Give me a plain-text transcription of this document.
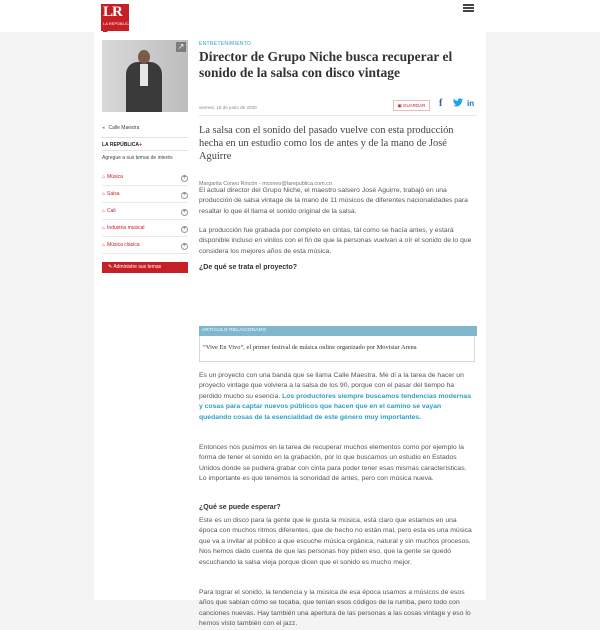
LR
LA REPÚBLICA
↗
◂ Calle Maestra
LA REPÚBLICA+
Agregue a sus temas de interés
⌂ Música	+
⌂ Salsa	+
⌂ Cali	+
⌂ Industria musical	+
⌂ Música clásica	+
✎ Administre sus temas
ENTRETENIMIENTO
Director de Grupo Niche busca recuperar el sonido de la salsa con disco vintage
viernes, 19 de junio de 2020	▣ GUARDAR	f	in

La salsa con el sonido del pasado vuelve con esta producción hecha en un estudio como los de antes y de la mano de José Aguirre

Margarita Coneo Rincón - mconeo@larepublica.com.co

El actual director del Grupo Niche, el maestro salsero José Aguirre, trabajó en una producción de salsa vintage de la mano de 11 músicos de diferentes nacionalidades para resaltar lo que él llama el sonido original de la salsa.

La producción fue grabada por completo en cintas, tal como se hacía antes, y estará disponible incluso en vinilos con el fin de que la personas vuelvan a oír el sonido de lo que considera los mejores años de esta música.

¿De qué se trata el proyecto?
ARTÍCULO RELACIONADO
“Vive En Vivo”, el primer festival de música online organizado por Movistar Arena

Es un proyecto con una banda que se llama Calle Maestra. Me di a la tarea de hacer un proyecto vintage que volviera a la salsa de los 90, porque con el pasar del tiempo ha perdido mucho su esencia. Los productores siempre buscamos tendencias modernas y cosas para captar nuevos públicos que hacen que en el camino se vayan quedando cosas de la esencialidad de este género muy importantes.

Entonces nos pusimos en la tarea de recuperar muchos elementos como por ejemplo la forma de tener el sonido en la grabación, por lo que buscamos un estudio en Estados Unidos donde se pudiera grabar con cinta para poder tener esas mismas características. Lo importante es que tenemos la sonoridad de antes, pero con música nueva.

¿Qué se puede esperar?

Este es un disco para la gente que le gusta la música, está claro que estamos en una época con muchos ritmos diferentes, que de hecho no están mal, pero esta es una música que va a invitar al público a que escuche música orgánica, natural y sin muchos procesos. Nos hemos dado cuenta de que las personas hoy piden eso, que la gente se quedó escuchando la salsa vieja porque dicen que el sonido es mucho mejor.

Para lograr el sonido, la tendencia y la música de esa época usamos a músicos de esos años que sabían cómo se tocaba, que tenían esos códigos de la rumba, pero todo con canciones nuevas. Hay también una apertura de las personas a las cosas vintage y eso lo hemos visto también con el jazz.
